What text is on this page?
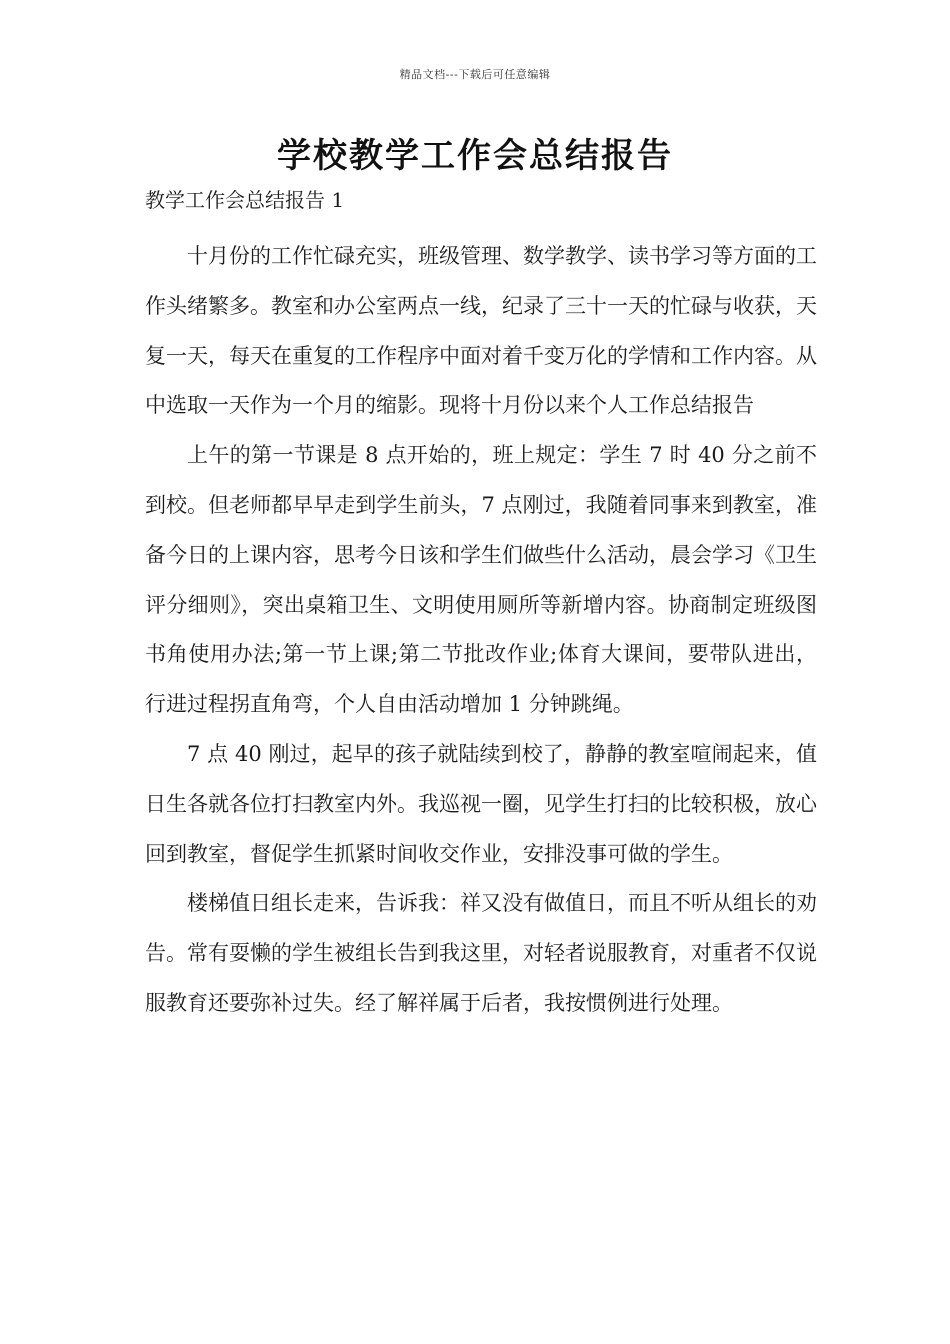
精品文档---下载后可任意编辑
学校教学工作会总结报告
教学工作会总结报告 1

十月份的工作忙碌充实，班级管理、数学教学、读书学习等方面的工作头绪繁多。教室和办公室两点一线，纪录了三十一天的忙碌与收获，天复一天，每天在重复的工作程序中面对着千变万化的学情和工作内容。从中选取一天作为一个月的缩影。现将十月份以来个人工作总结报告

上午的第一节课是 8 点开始的，班上规定：学生 7 时 40 分之前不到校。但老师都早早走到学生前头，7 点刚过，我随着同事来到教室，准备今日的上课内容，思考今日该和学生们做些什么活动，晨会学习《卫生评分细则》，突出桌箱卫生、文明使用厕所等新增内容。协商制定班级图书角使用办法;第一节上课;第二节批改作业;体育大课间，要带队进出，行进过程拐直角弯，个人自由活动增加 1 分钟跳绳。

7 点 40 刚过，起早的孩子就陆续到校了，静静的教室喧闹起来，值日生各就各位打扫教室内外。我巡视一圈，见学生打扫的比较积极，放心回到教室，督促学生抓紧时间收交作业，安排没事可做的学生。

楼梯值日组长走来，告诉我：祥又没有做值日，而且不听从组长的劝告。常有耍懒的学生被组长告到我这里，对轻者说服教育，对重者不仅说服教育还要弥补过失。经了解祥属于后者，我按惯例进行处理。
